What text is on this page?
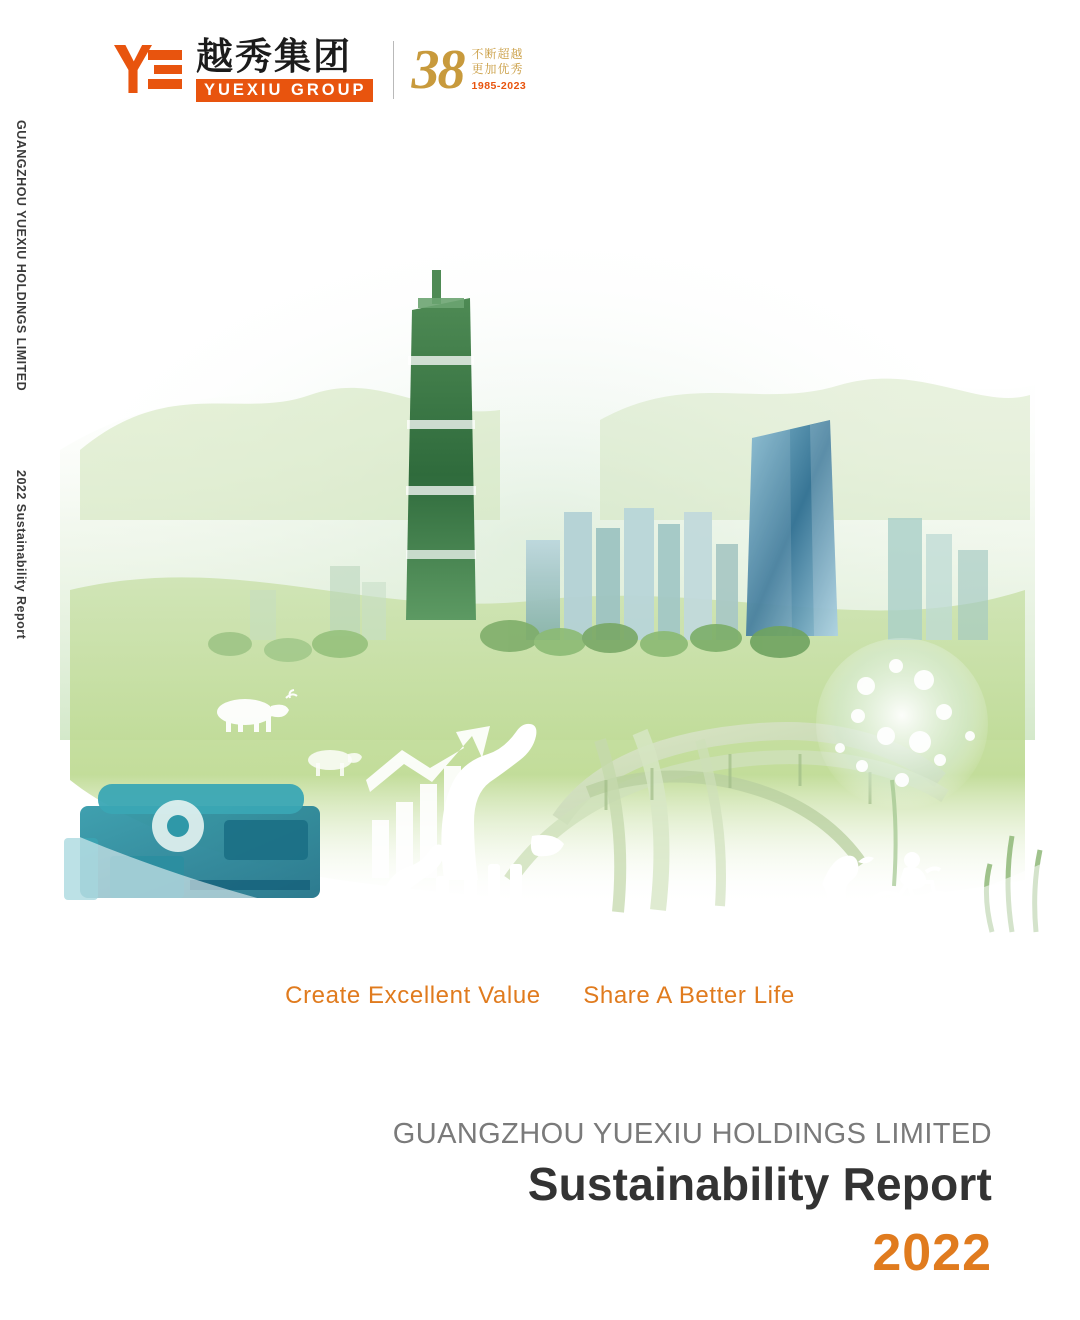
GUANGZHOU YUEXIU HOLDINGS LIMITED
2022 Sustainability Report
越秀集团
YUEXIU GROUP 38 不断超越
更加优秀
1985-2023
Create Excellent Value Share A Better Life
GUANGZHOU YUEXIU HOLDINGS LIMITED
Sustainability Report
2022
